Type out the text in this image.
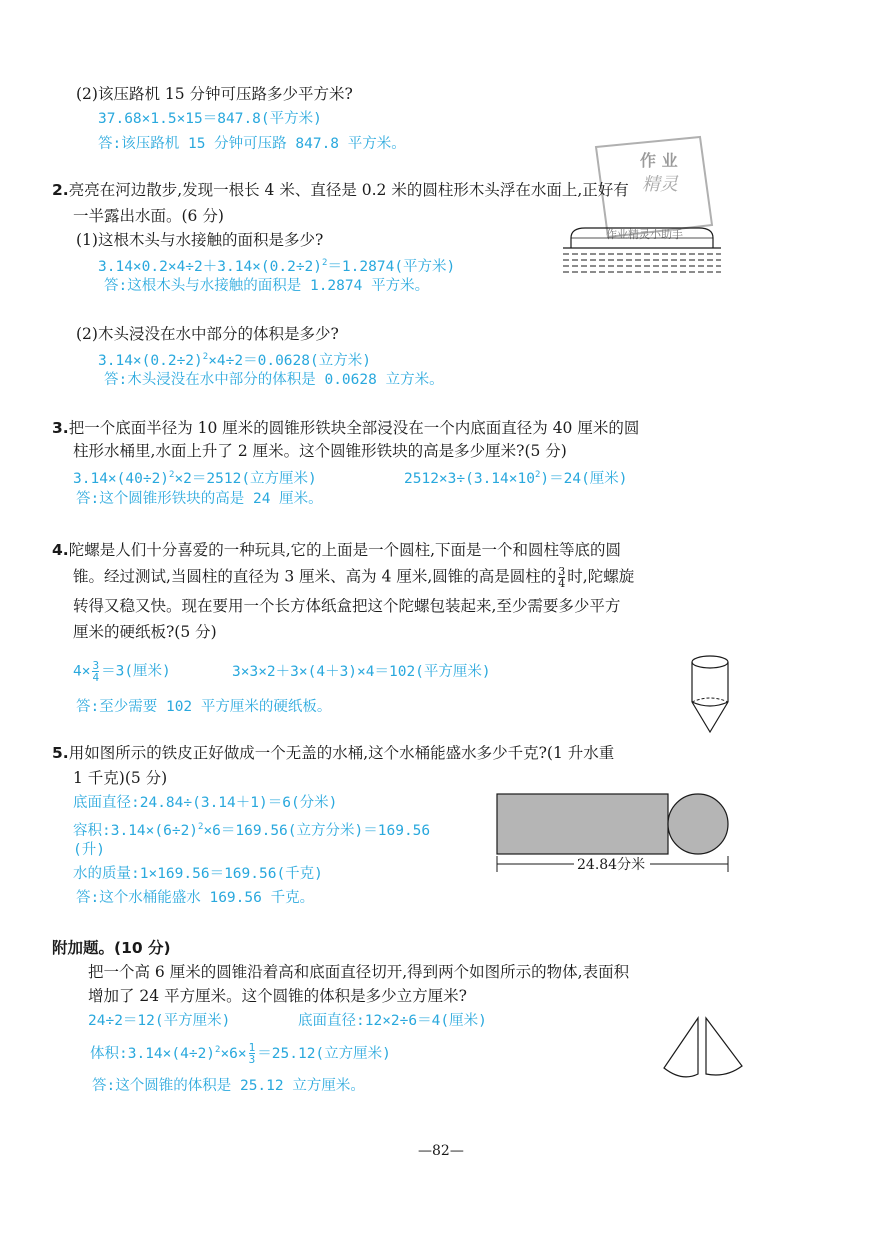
(2)该压路机 15 分钟可压路多少平方米?
37.68×1.5×15＝847.8(平方米)
答:该压路机 15 分钟可压路 847.8 平方米。
作 业
精灵
作业精灵小助手
2.亮亮在河边散步,发现一根长 4 米、直径是 0.2 米的圆柱形木头浮在水面上,正好有
一半露出水面。(6 分)
(1)这根木头与水接触的面积是多少?
$3.14\times 0.2\times 4\div 2+3.14\times(0.2\div 2)^2=1.2874$(平方米)
答:这根木头与水接触的面积是 1.2874 平方米。
(2)木头浸没在水中部分的体积是多少?
$3.14\times(0.2\div 2)^2\times 4\div 2=0.0628$(立方米)
答:木头浸没在水中部分的体积是 0.0628 立方米。
3.把一个底面半径为 10 厘米的圆锥形铁块全部浸没在一个内底面直径为 40 厘米的圆
柱形水桶里,水面上升了 2 厘米。这个圆锥形铁块的高是多少厘米?(5 分)
$3.14\times(40\div 2)^2\times 2=2512$(立方厘米)	$2512\times 3\div(3.14\times 10^2)=24$(厘米)
答:这个圆锥形铁块的高是 24 厘米。
4.陀螺是人们十分喜爱的一种玩具,它的上面是一个圆柱,下面是一个和圆柱等底的圆
锥。经过测试,当圆柱的直径为 3 厘米、高为 4 厘米,圆锥的高是圆柱的 $\frac{3}{4}$ 时,陀螺旋
转得又稳又快。现在要用一个长方体纸盒把这个陀螺包装起来,至少需要多少平方
厘米的硬纸板?(5 分)
$4\times \frac{3}{4} =3$(厘米)	3×3×2＋3×(4＋3)×4＝102(平方厘米)
答:至少需要 102 平方厘米的硬纸板。
5.用如图所示的铁皮正好做成一个无盖的水桶,这个水桶能盛水多少千克?(1 升水重
1 千克)(5 分)
底面直径:24.84÷(3.14＋1)＝6(分米)
容积$:3.14\times(6\div 2)^2\times 6=169.56$(立方分米)＝169.56
(升)
水的质量:1×169.56＝169.56(千克)
答:这个水桶能盛水 169.56 千克。
24.84分米
附加题。(10 分)
把一个高 6 厘米的圆锥沿着高和底面直径切开,得到两个如图所示的物体,表面积
增加了 24 平方厘米。这个圆锥的体积是多少立方厘米?
24÷2＝12(平方厘米)	底面直径:12×2÷6＝4(厘米)
体积$:3.14\times(4\div 2)^2\times 6\times \frac{1}{3} =25.12$(立方厘米)
答:这个圆锥的体积是 25.12 立方厘米。
—82—
